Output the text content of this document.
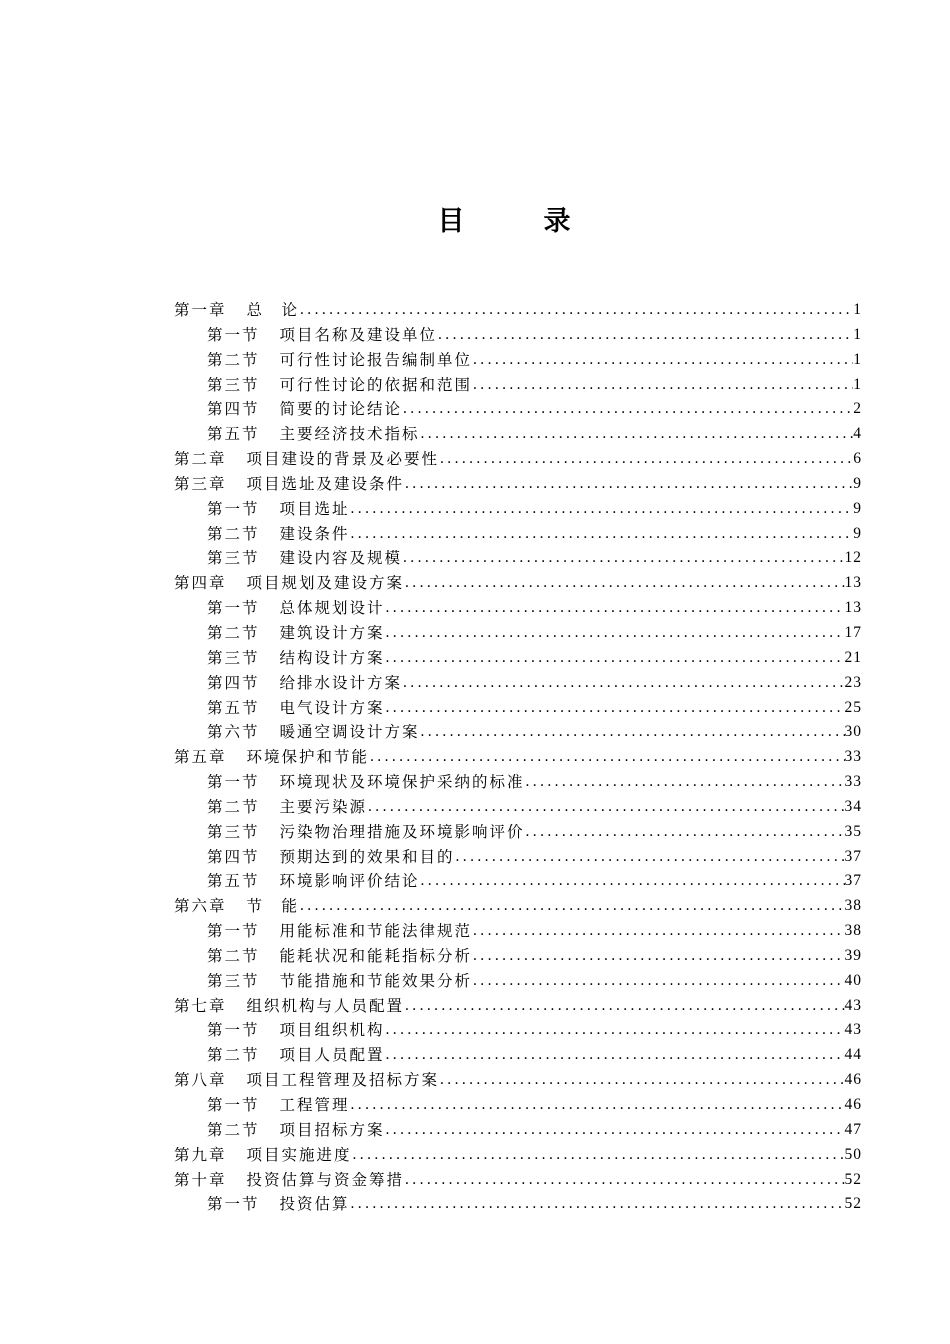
目　录
第一章 总　论 .....	1
第一节 项目名称及建设单位 .....	1
第二节 可行性讨论报告编制单位 .....	1
第三节 可行性讨论的依据和范围 .....	1
第四节 简要的讨论结论 .....	2
第五节 主要经济技术指标 .....	4
第二章 项目建设的背景及必要性 .....	6
第三章 项目选址及建设条件 .....	9
第一节 项目选址 .....	9
第二节 建设条件 .....	9
第三节 建设内容及规模 .....	12
第四章 项目规划及建设方案 .....	13
第一节 总体规划设计 .....	13
第二节 建筑设计方案 .....	17
第三节 结构设计方案 .....	21
第四节 给排水设计方案 .....	23
第五节 电气设计方案 .....	25
第六节 暖通空调设计方案 .....	30
第五章 环境保护和节能 .....	33
第一节 环境现状及环境保护采纳的标准 .....	33
第二节 主要污染源 .....	34
第三节 污染物治理措施及环境影响评价 .....	35
第四节 预期达到的效果和目的 .....	37
第五节 环境影响评价结论 .....	37
第六章 节　能 .....	38
第一节 用能标准和节能法律规范 .....	38
第二节 能耗状况和能耗指标分析 .....	39
第三节 节能措施和节能效果分析 .....	40
第七章 组织机构与人员配置 .....	43
第一节 项目组织机构 .....	43
第二节 项目人员配置 .....	44
第八章 项目工程管理及招标方案 .....	46
第一节 工程管理 .....	46
第二节 项目招标方案 .....	47
第九章 项目实施进度 .....	50
第十章 投资估算与资金筹措 .....	52
第一节 投资估算 .....	52
